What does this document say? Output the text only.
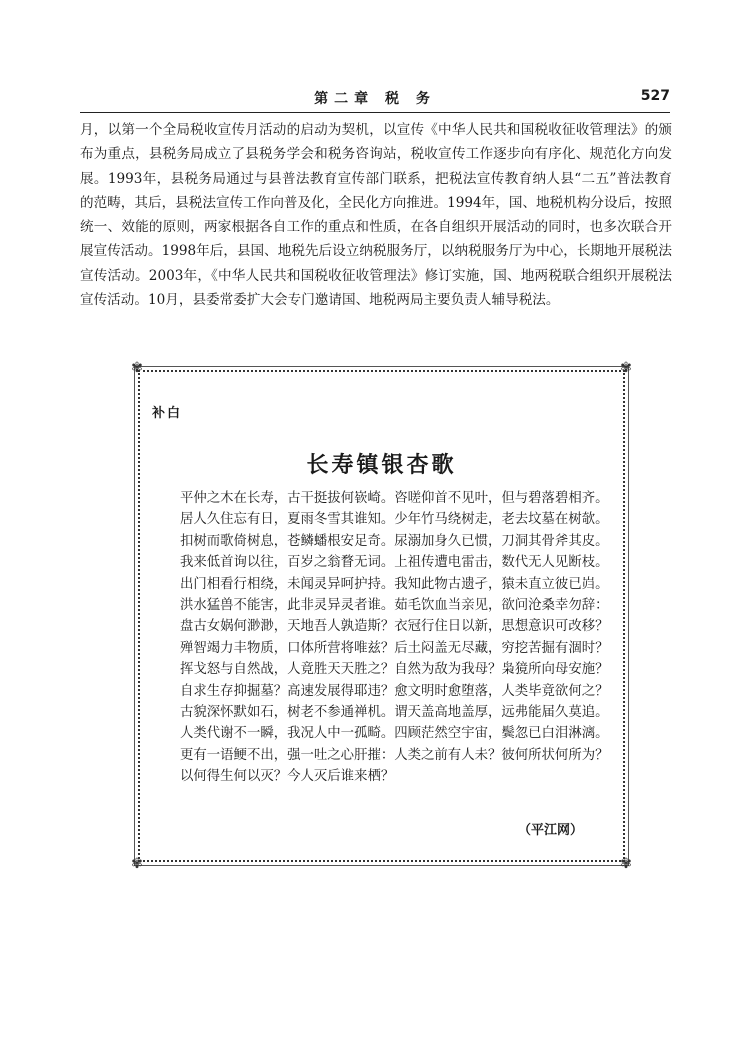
第二章 税 务	527

月，以第一个全局税收宣传月活动的启动为契机，以宣传《中华人民共和国税收征收管理法》的颁布为重点，县税务局成立了县税务学会和税务咨询站，税收宣传工作逐步向有序化、规范化方向发展。1993年，县税务局通过与县普法教育宣传部门联系，把税法宣传教育纳人县“二五”普法教育的范畴，其后，县税法宣传工作向普及化，全民化方向推进。1994年，国、地税机构分设后，按照统一、效能的原则，两家根据各自工作的重点和性质，在各自组织开展活动的同时，也多次联合开展宣传活动。1998年后，县国、地税先后设立纳税服务厅，以纳税服务厅为中心，长期地开展税法宣传活动。2003年，《中华人民共和国税收征收管理法》修订实施，国、地两税联合组织开展税法宣传活动。10月，县委常委扩大会专门邀请国、地税两局主要负责人辅导税法。

✾	✾
✾	✾
补白
长寿镇银杏歌
平仲之木在长寿，古干挺拔何嵚崎。咨嗟仰首不见叶，但与碧落碧相齐。
居人久住忘有日，夏雨冬雪其谁知。少年竹马绕树走，老去坟墓在树欹。
扣树而歌倚树息，苍鳞蟠根安足奇。尿溺加身久已惯，刀洞其骨斧其皮。
我来低首询以往，百岁之翁瞀无词。上祖传遭电雷击，数代无人见断枝。
出门相看行相绕，未闻灵异呵护持。我知此物古遗孑，猿未直立彼已岿。
洪水猛兽不能害，此非灵异灵者谁。茹毛饮血当亲见，欲问沧桑幸勿辞：
盘古女娲何渺渺，天地吾人孰造斯？衣冠行住日以新，思想意识可改移？
殚智竭力丰物质，口体所营将唯兹？后土闷盖无尽藏，穷挖苦掘有涸时？
挥戈怒与自然战，人竟胜天天胜之？自然为敌为我母？枭獍所向母安施？
自求生存抑掘墓？高速发展得耶违？愈文明时愈堕落，人类毕竟欲何之？
古貌深怀默如石，树老不参通禅机。谓天盖高地盖厚，远弗能届久莫追。
人类代谢不一瞬，我况人中一孤畸。四顾茫然空宇宙，鬓忽已白泪淋漓。
更有一语鲠不出，强一吐之心肝摧：人类之前有人未？彼何所状何所为？
以何得生何以灭？今人灭后谁来栖？
（平江网）
